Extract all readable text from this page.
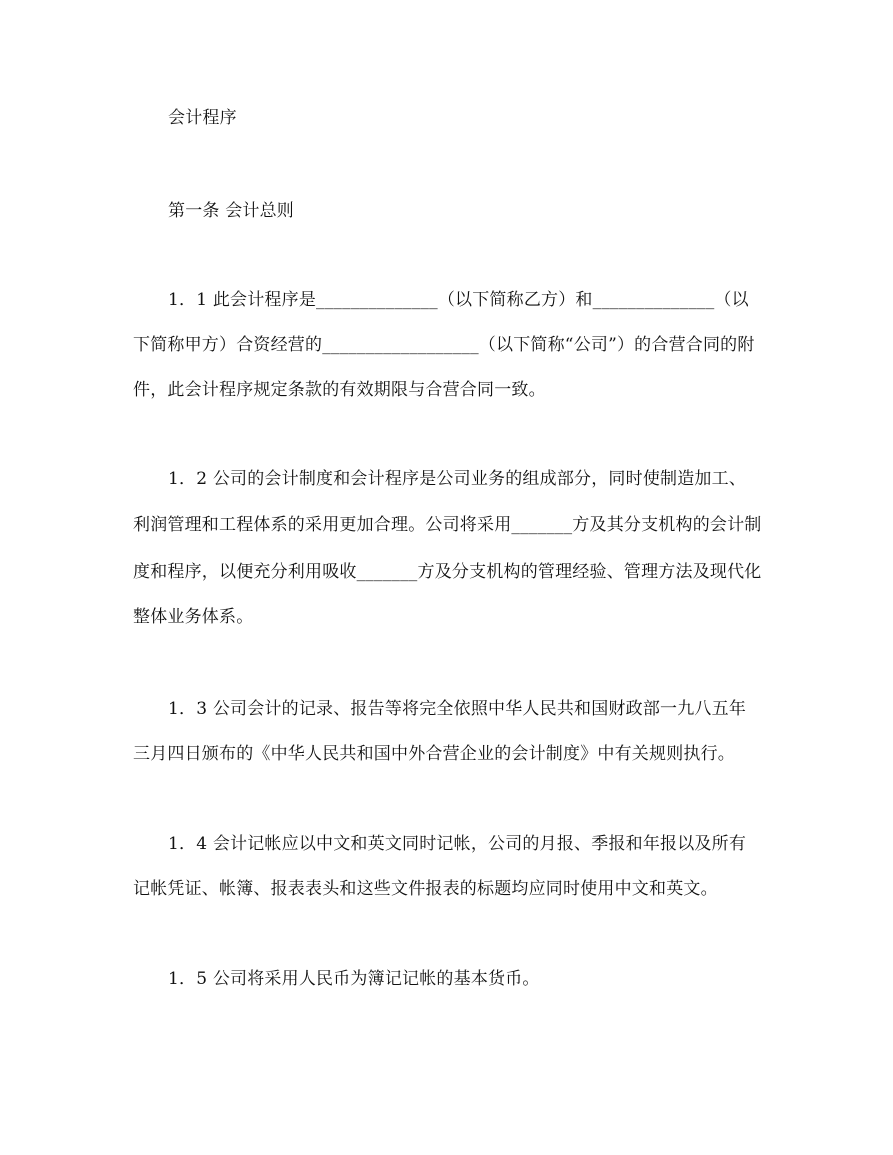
会计程序
第一条 会计总则
1．1 此会计程序是______________（以下简称乙方）和______________（以
下简称甲方）合资经营的__________________（以下简称“公司”）的合营合同的附
件，此会计程序规定条款的有效期限与合营合同一致。
1．2 公司的会计制度和会计程序是公司业务的组成部分，同时使制造加工、
利润管理和工程体系的采用更加合理。公司将采用_______方及其分支机构的会计制
度和程序，以便充分利用吸收_______方及分支机构的管理经验、管理方法及现代化
整体业务体系。
1．3 公司会计的记录、报告等将完全依照中华人民共和国财政部一九八五年
三月四日颁布的《中华人民共和国中外合营企业的会计制度》中有关规则执行。
1．4 会计记帐应以中文和英文同时记帐，公司的月报、季报和年报以及所有
记帐凭证、帐簿、报表表头和这些文件报表的标题均应同时使用中文和英文。
1．5 公司将采用人民币为簿记记帐的基本货币。
